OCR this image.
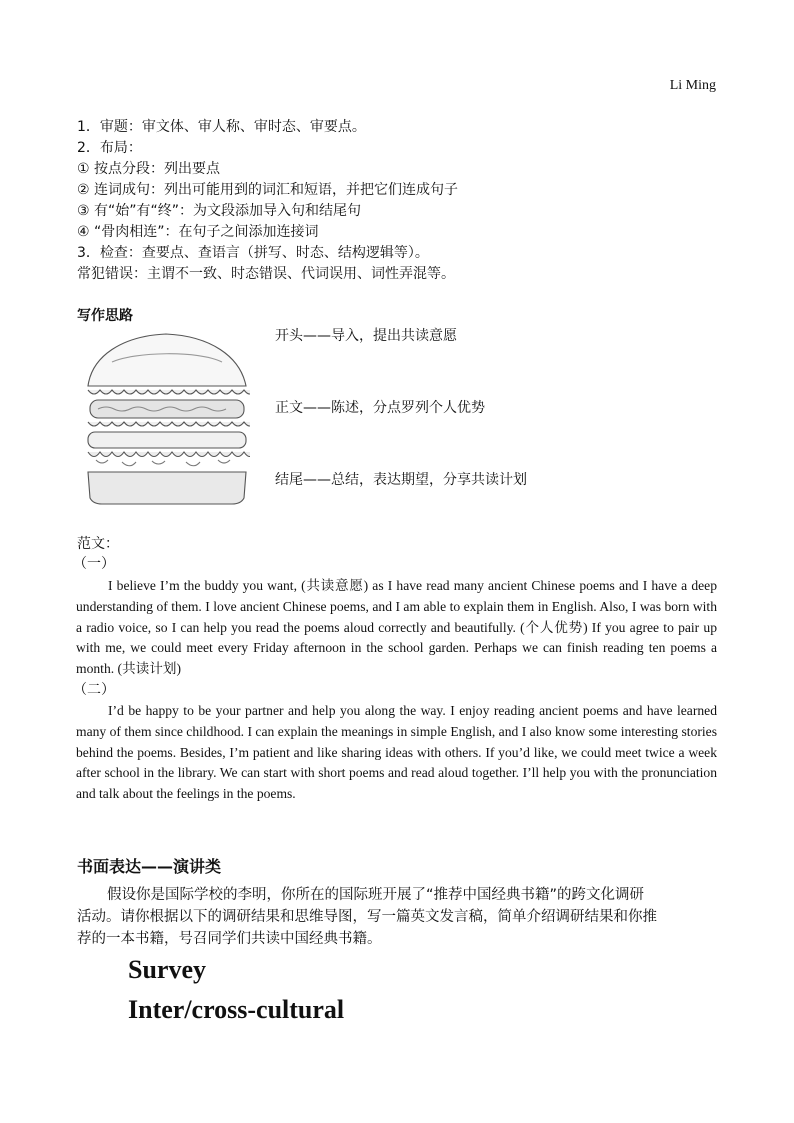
Li Ming
1．审题：审文体、审人称、审时态、审要点。
2．布局：
① 按点分段：列出要点
② 连词成句：列出可能用到的词汇和短语，并把它们连成句子
③ 有“始”有“终”：为文段添加导入句和结尾句
④ “骨肉相连”：在句子之间添加连接词
3．检查：查要点、查语言（拼写、时态、结构逻辑等）。
常犯错误：主谓不一致、时态错误、代词误用、词性弄混等。
写作思路
开头——导入，提出共读意愿
正文——陈述，分点罗列个人优势
结尾——总结，表达期望，分享共读计划
范文：
（一）

I believe I’m the buddy you want, (共读意愿) as I have read many ancient Chinese poems and I have a deep understanding of them. I love ancient Chinese poems, and I am able to explain them in English. Also, I was born with a radio voice, so I can help you read the poems aloud correctly and beautifully. (个人优势) If you agree to pair up with me, we could meet every Friday afternoon in the school garden. Perhaps we can finish reading ten poems a month. (共读计划)

（二）

I’d be happy to be your partner and help you along the way. I enjoy reading ancient poems and have learned many of them since childhood. I can explain the meanings in simple English, and I also know some interesting stories behind the poems. Besides, I’m patient and like sharing ideas with others. If you’d like, we could meet twice a week after school in the library. We can start with short poems and read aloud together. I’ll help you with the pronunciation and talk about the feelings in the poems.

书面表达——演讲类
假设你是国际学校的李明，你所在的国际班开展了“推荐中国经典书籍”的跨文化调研
活动。请你根据以下的调研结果和思维导图，写一篇英文发言稿，简单介绍调研结果和你推
荐的一本书籍，号召同学们共读中国经典书籍。
Survey
Inter/cross-cultural
